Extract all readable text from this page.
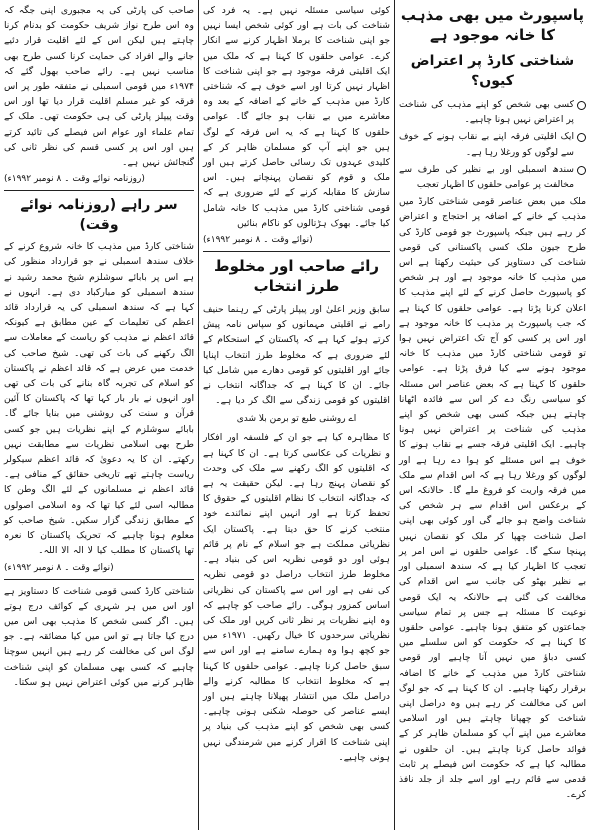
پاسپورٹ میں بھی مذہب کا خانہ موجود ہے
شناختی کارڈ پر اعتراض کیوں؟
کسی بھی شخص کو اپنے مذہب کی شناخت پر اعتراض نہیں ہونا چاہیے۔
ایک اقلیتی فرقہ اپنے بے نقاب ہونے کے خوف سے لوگوں کو ورغلا رہا ہے۔
سندھ اسمبلی اور بے نظیر کی طرف سے مخالفت پر عوامی حلقوں کا اظہار تعجب

ملک میں بعض عناصر قومی شناختی کارڈ میں مذہب کے خانے کے اضافہ پر احتجاج و اعتراض کر رہے ہیں جبکہ پاسپورٹ جو قومی کارڈ کی طرح جیون ملک کسی پاکستانی کی قومی شناخت کی دستاویز کی حیثیت رکھتا ہے اس میں مذہب کا خانہ موجود ہے اور ہر شخص کو پاسپورٹ حاصل کرنے کے لئے اپنے مذہب کا اعلان کرنا پڑتا ہے۔ عوامی حلقوں کا کہنا ہے کہ جب پاسپورٹ پر مذہب کا خانہ موجود ہے اور اس پر کسی کو آج تک اعتراض نہیں ہوا تو قومی شناختی کارڈ میں مذہب کا خانہ موجود ہونے سے کیا فرق پڑتا ہے۔ عوامی حلقوں کا کہنا ہے کہ بعض عناصر اس مسئلہ کو سیاسی رنگ دے کر اس سے فائدہ اٹھانا چاہتے ہیں جبکہ کسی بھی شخص کو اپنے مذہب کی شناخت پر اعتراض نہیں ہونا چاہیے۔ ایک اقلیتی فرقہ جسے بے نقاب ہونے کا خوف ہے اس مسئلے کو ہوا دے رہا ہے اور لوگوں کو ورغلا رہا ہے کہ اس اقدام سے ملک میں فرقہ واریت کو فروغ ملے گا۔ حالانکہ اس کے برعکس اس اقدام سے ہر شخص کی شناخت واضح ہو جائے گی اور کوئی بھی اپنی اصل شناخت چھپا کر ملک کو نقصان نہیں پہنچا سکے گا۔ عوامی حلقوں نے اس امر پر تعجب کا اظہار کیا ہے کہ سندھ اسمبلی اور بے نظیر بھٹو کی جانب سے اس اقدام کی مخالفت کی گئی ہے حالانکہ یہ ایک قومی نوعیت کا مسئلہ ہے جس پر تمام سیاسی جماعتوں کو متفق ہونا چاہیے۔ عوامی حلقوں کا کہنا ہے کہ حکومت کو اس سلسلے میں کسی دباؤ میں نہیں آنا چاہیے اور قومی شناختی کارڈ میں مذہب کے خانے کا اضافہ برقرار رکھنا چاہیے۔ ان کا کہنا ہے کہ جو لوگ اس کی مخالفت کر رہے ہیں وہ دراصل اپنی شناخت کو چھپانا چاہتے ہیں اور اسلامی معاشرے میں اپنے آپ کو مسلمان ظاہر کر کے فوائد حاصل کرنا چاہتے ہیں۔ ان حلقوں نے مطالبہ کیا ہے کہ حکومت اس فیصلے پر ثابت قدمی سے قائم رہے اور اسے جلد از جلد نافذ کرے۔

کوئی سیاسی مسئلہ نہیں ہے۔ یہ فرد کی شناخت کی بات ہے اور کوئی شخص ایسا نہیں جو اپنی شناخت کا برملا اظہار کرنے سے انکار کرے۔ عوامی حلقوں کا کہنا ہے کہ ملک میں ایک اقلیتی فرقہ موجود ہے جو اپنی شناخت کا اظہار نہیں کرتا اور اسے خوف ہے کہ شناختی کارڈ میں مذہب کے خانے کے اضافہ کے بعد وہ معاشرے میں بے نقاب ہو جائے گا۔ عوامی حلقوں کا کہنا ہے کہ یہ اس فرقہ کے لوگ ہیں جو اپنے آپ کو مسلمان ظاہر کر کے کلیدی عہدوں تک رسائی حاصل کرتے ہیں اور ملک و قوم کو نقصان پہنچاتے ہیں۔ اس سازش کا مقابلہ کرنے کے لئے ضروری ہے کہ قومی شناختی کارڈ میں مذہب کا خانہ شامل کیا جائے۔ بھوک ہڑتالوں کو ناکام بنائیں

(نوائے وقت ۔ ۸ نومبر ۱۹۹۲ء)
رائے صاحب اور مخلوط طرز انتخاب

سابق وزیر اعلیٰ اور پیپلز پارٹی کے رہنما حنیف رامے نے اقلیتی مہمانوں کو سپاس نامہ پیش کرتے ہوئے کہا ہے کہ پاکستان کے استحکام کے لئے ضروری ہے کہ مخلوط طرز انتخاب اپنایا جائے اور اقلیتوں کو قومی دھارے میں شامل کیا جائے۔ ان کا کہنا ہے کہ جداگانہ انتخاب نے اقلیتوں کو قومی زندگی سے الگ کر دیا ہے۔

اے روشنی طبع تو برمن بلا شدی

کا مظاہرہ کیا ہے جو ان کے فلسفہ اور افکار و نظریات کی عکاسی کرتا ہے۔ ان کا کہنا ہے کہ اقلیتوں کو الگ رکھنے سے ملک کی وحدت کو نقصان پہنچ رہا ہے۔ لیکن حقیقت یہ ہے کہ جداگانہ انتخاب کا نظام اقلیتوں کے حقوق کا تحفظ کرتا ہے اور انہیں اپنے نمائندے خود منتخب کرنے کا حق دیتا ہے۔ پاکستان ایک نظریاتی مملکت ہے جو اسلام کے نام پر قائم ہوئی اور دو قومی نظریہ اس کی بنیاد ہے۔ مخلوط طرز انتخاب دراصل دو قومی نظریہ کی نفی ہے اور اس سے پاکستان کی نظریاتی اساس کمزور ہوگی۔ رائے صاحب کو چاہیے کہ وہ اپنے نظریات پر نظر ثانی کریں اور ملک کی نظریاتی سرحدوں کا خیال رکھیں۔ ۱۹۷۱ء میں جو کچھ ہوا وہ ہمارے سامنے ہے اور اس سے سبق حاصل کرنا چاہیے۔ عوامی حلقوں کا کہنا ہے کہ مخلوط انتخاب کا مطالبہ کرنے والے دراصل ملک میں انتشار پھیلانا چاہتے ہیں اور ایسے عناصر کی حوصلہ شکنی ہونی چاہیے۔ کسی بھی شخص کو اپنے مذہب کی بنیاد پر اپنی شناخت کا اقرار کرنے میں شرمندگی نہیں ہونی چاہیے۔

صاحب کی پارٹی کی یہ مجبوری اپنی جگہ کہ وہ اس طرح نواز شریف حکومت کو بدنام کرنا چاہتے ہیں لیکن اس کے لئے اقلیت قرار دئیے جانے والے افراد کی حمایت کرنا کسی طرح بھی مناسب نہیں ہے۔ رائے صاحب بھول گئے کہ ۱۹۷۴ء میں قومی اسمبلی نے متفقہ طور پر اس فرقہ کو غیر مسلم اقلیت قرار دیا تھا اور اس وقت پیپلز پارٹی کی ہی حکومت تھی۔ ملک کے تمام علماء اور عوام اس فیصلے کی تائید کرتے ہیں اور اس پر کسی قسم کی نظر ثانی کی گنجائش نہیں ہے۔

(روزنامہ نوائے وقت ۔ ۸ نومبر ۱۹۹۲ء)
سر راہے (روزنامہ نوائے وقت)

شناختی کارڈ میں مذہب کا خانہ شروع کرنے کے خلاف سندھ اسمبلی نے جو قرارداد منظور کی ہے اس پر بابائے سوشلزم شیخ محمد رشید نے سندھ اسمبلی کو مبارکباد دی ہے۔ انہوں نے کہا ہے کہ سندھ اسمبلی کی یہ قرارداد قائد اعظم کی تعلیمات کے عین مطابق ہے کیونکہ قائد اعظم نے مذہب کو ریاست کے معاملات سے الگ رکھنے کی بات کی تھی۔ شیخ صاحب کی خدمت میں عرض ہے کہ قائد اعظم نے پاکستان کو اسلام کی تجربہ گاہ بنانے کی بات کی تھی اور انہوں نے بار بار کہا تھا کہ پاکستان کا آئین قرآن و سنت کی روشنی میں بنایا جائے گا۔ بابائے سوشلزم کے اپنے نظریات ہیں جو کسی طرح بھی اسلامی نظریات سے مطابقت نہیں رکھتے۔ ان کا یہ دعویٰ کہ قائد اعظم سیکولر ریاست چاہتے تھے تاریخی حقائق کے منافی ہے۔ قائد اعظم نے مسلمانوں کے لئے الگ وطن کا مطالبہ اسی لئے کیا تھا کہ وہ اسلامی اصولوں کے مطابق زندگی گزار سکیں۔ شیخ صاحب کو معلوم ہونا چاہیے کہ تحریک پاکستان کا نعرہ تھا پاکستان کا مطلب کیا لا الہ الا اللہ۔

(نوائے وقت ۔ ۸ نومبر ۱۹۹۲ء)

شناختی کارڈ کسی قومی شناخت کا دستاویز ہے اور اس میں ہر شہری کے کوائف درج ہوتے ہیں۔ اگر کسی شخص کا مذہب بھی اس میں درج کیا جاتا ہے تو اس میں کیا مضائقہ ہے۔ جو لوگ اس کی مخالفت کر رہے ہیں انہیں سوچنا چاہیے کہ کسی بھی مسلمان کو اپنی شناخت ظاہر کرنے میں کوئی اعتراض نہیں ہو سکتا۔
